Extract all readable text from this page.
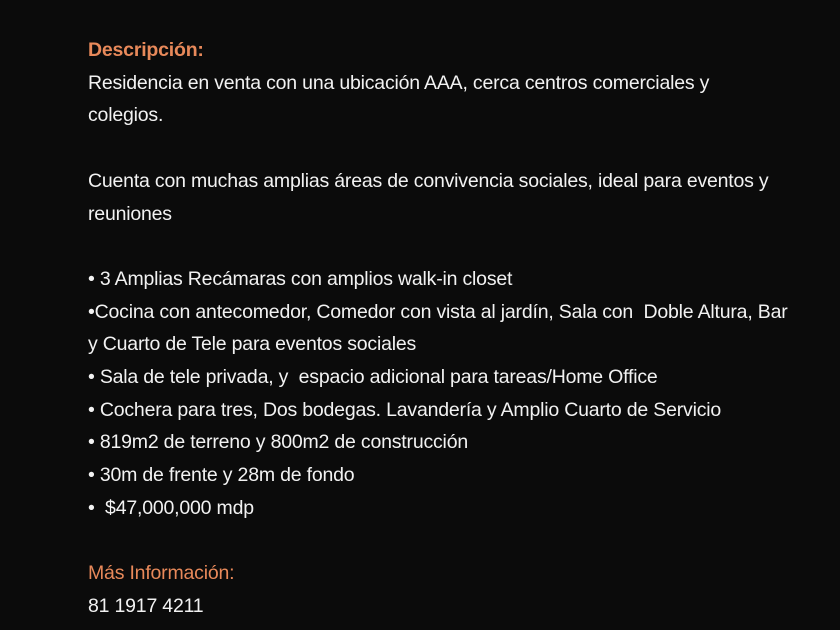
Descripción:

Residencia en venta con una ubicación AAA, cerca centros comerciales y colegios.

Cuenta con muchas amplias áreas de convivencia sociales, ideal para eventos y reuniones

• 3 Amplias Recámaras con amplios walk-in closet
•Cocina con antecomedor, Comedor con vista al jardín, Sala con  Doble Altura, Bar y Cuarto de Tele para eventos sociales
• Sala de tele privada, y  espacio adicional para tareas/Home Office
• Cochera para tres, Dos bodegas. Lavandería y Amplio Cuarto de Servicio
• 819m2 de terreno y 800m2 de construcción
• 30m de frente y 28m de fondo
•  $47,000,000 mdp

Más Información:

81 1917 4211
